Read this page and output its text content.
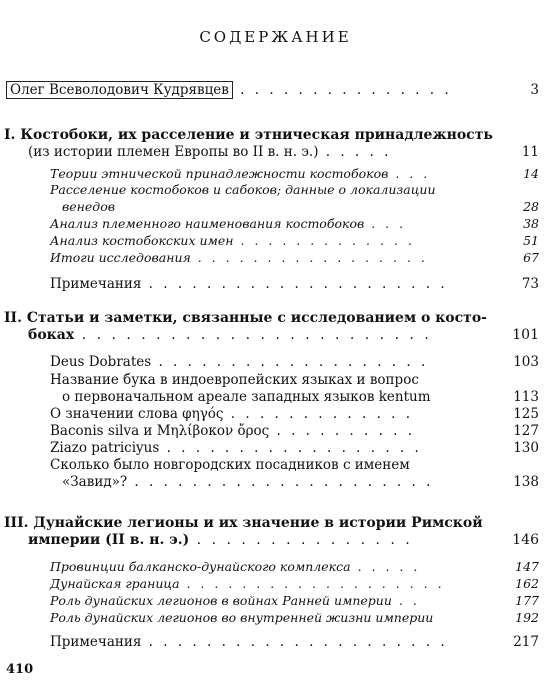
СОДЕРЖАНИЕ
Олег Всеволодович Кудрявцев . . . . . . . . . . . . . . .	3
I. Костобоки, их расселение и этническая принадлежность
(из истории племен Европы во II в. н. э.) . . . . .	11
Теории этнической принадлежности костобоков . . .	14
Расселение костобоков и сабоков; данные о локализации
венедов	28
Анализ племенного наименования костобоков . . .	38
Анализ костобокских имен . . . . . . . . . . . . .	51
Итоги исследования . . . . . . . . . . . . . . . . .	67
Примечания . . . . . . . . . . . . . . . . . . . . .	73
II. Статьи и заметки, связанные с исследованием о косто-
боках . . . . . . . . . . . . . . . . . . . . . . . .	101
Deus Dobrates . . . . . . . . . . . . . . . . . . .	103
Название бука в индоевропейских языках и вопрос
о первоначальном ареале западных языков kentum	113
О значении слова φηγός . . . . . . . . . . . . .	125
Baconis silva и Μηλίβοκον ὄρος . . . . . . . . . .	127
Ziazo patriciyus . . . . . . . . . . . . . . . . . .	130
Сколько было новгородских посадников с именем
«Завид»? . . . . . . . . . . . . . . . . . . . . .	138
III. Дунайские легионы и их значение в истории Римской
империи (II в. н. э.) . . . . . . . . . . . . . . .	146
Провинции балканско-дунайского комплекса . . . . .	147
Дунайская граница . . . . . . . . . . . . . . . . . . .	162
Роль дунайских легионов в войнах Ранней империи . .	177
Роль дунайских легионов во внутренней жизни империи	192
Примечания . . . . . . . . . . . . . . . . . . . . .	217
410
